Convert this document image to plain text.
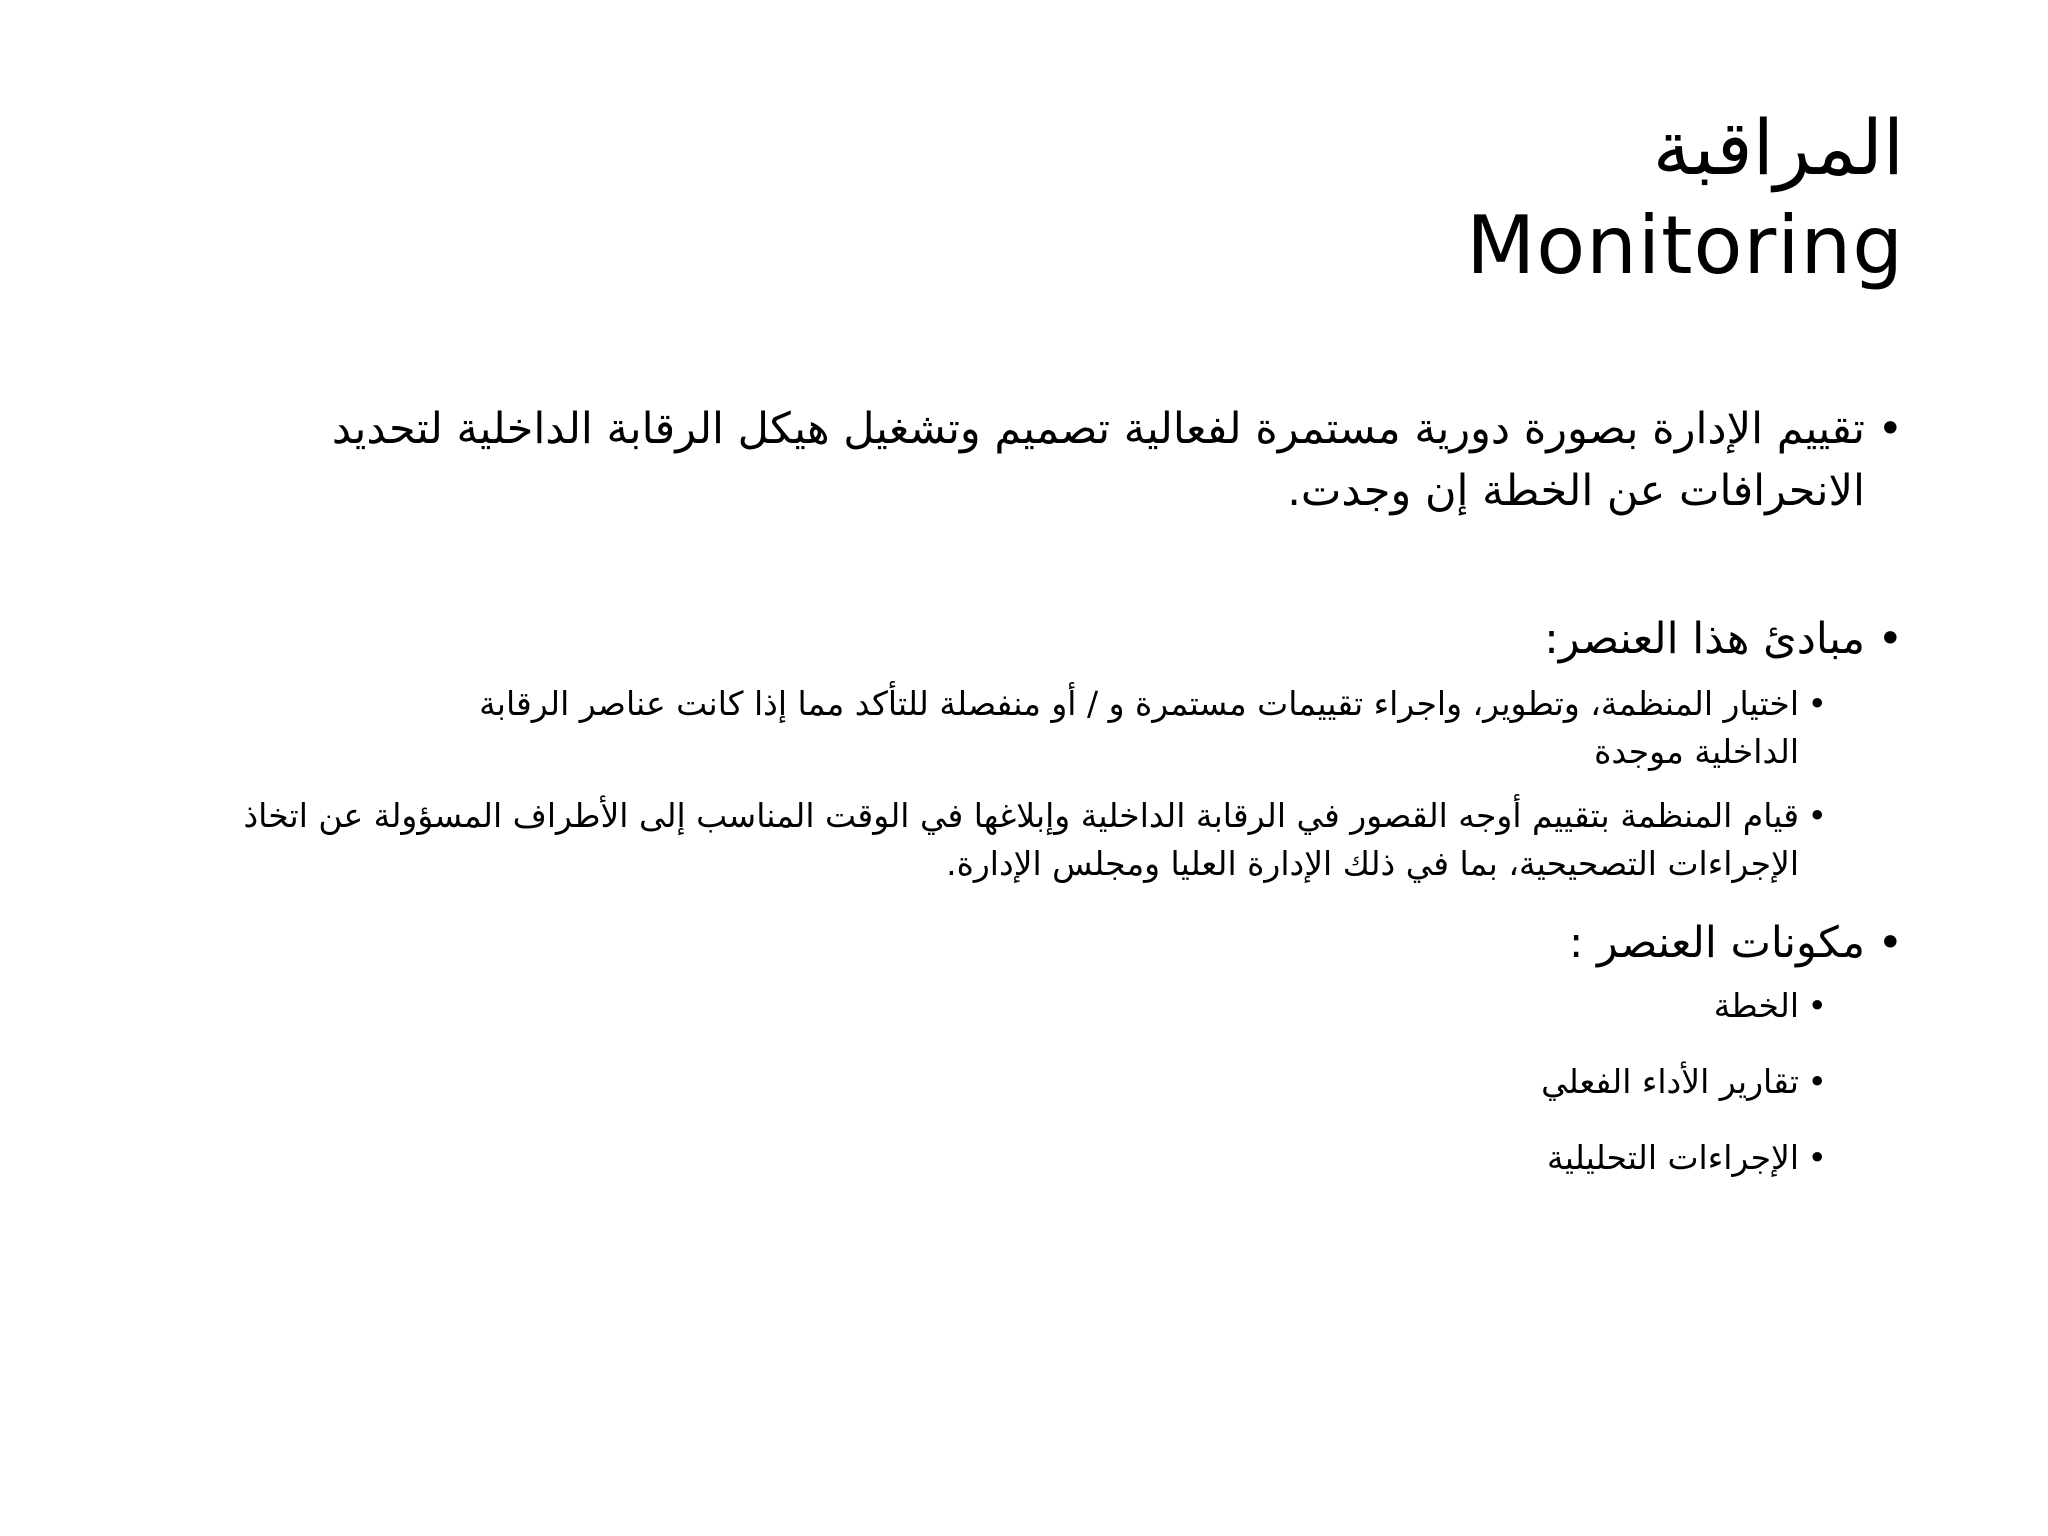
المراقبة
Monitoring
• تقييم الإدارة بصورة دورية مستمرة لفعالية تصميم وتشغيل هيكل الرقابة الداخلية لتحديد الانحرافات عن الخطة إن وجدت.
• مبادئ هذا العنصر:
• اختيار المنظمة، وتطوير، واجراء تقييمات مستمرة و / أو منفصلة للتأكد مما إذا كانت عناصر الرقابة الداخلية موجدة
• قيام المنظمة بتقييم أوجه القصور في الرقابة الداخلية وإبلاغها في الوقت المناسب إلى الأطراف المسؤولة عن اتخاذ الإجراءات التصحيحية، بما في ذلك الإدارة العليا ومجلس الإدارة.
• مكونات العنصر :
• الخطة
• تقارير الأداء الفعلي
• الإجراءات التحليلية
